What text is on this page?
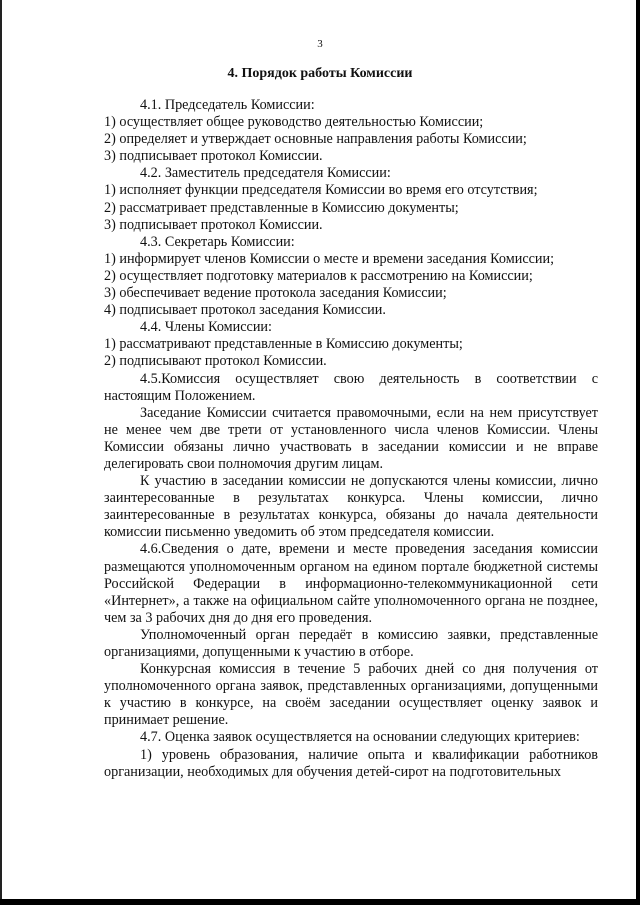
3
4. Порядок работы Комиссии

4.1. Председатель Комиссии:

1) осуществляет общее руководство деятельностью Комиссии;

2) определяет и утверждает основные направления работы Комиссии;

3) подписывает протокол Комиссии.

4.2. Заместитель председателя Комиссии:

1) исполняет функции председателя Комиссии во время его отсутствия;

2) рассматривает представленные в Комиссию документы;

3) подписывает протокол Комиссии.

4.3. Секретарь Комиссии:

1) информирует членов Комиссии о месте и времени заседания Комиссии;

2) осуществляет подготовку материалов к рассмотрению на Комиссии;

3) обеспечивает ведение протокола заседания Комиссии;

4) подписывает протокол заседания Комиссии.

4.4. Члены Комиссии:

1) рассматривают представленные в Комиссию документы;

2) подписывают протокол Комиссии.

4.5.Комиссия осуществляет свою деятельность в соответствии с настоящим Положением.

Заседание Комиссии считается правомочными, если на нем присутствует не менее чем две трети от установленного числа членов Комиссии. Члены Комиссии обязаны лично участвовать в заседании комиссии и не вправе делегировать свои полномочия другим лицам.

К участию в заседании комиссии не допускаются члены комиссии, лично заинтересованные в результатах конкурса. Члены комиссии, лично заинтересованные в результатах конкурса, обязаны до начала деятельности комиссии письменно уведомить об этом председателя комиссии.

4.6.Сведения о дате, времени и месте проведения заседания комиссии размещаются уполномоченным органом на едином портале бюджетной системы Российской Федерации в информационно-телекоммуникационной сети «Интернет», а также на официальном сайте уполномоченного органа не позднее, чем за 3 рабочих дня до дня его проведения.

Уполномоченный орган передаёт в комиссию заявки, представленные организациями, допущенными к участию в отборе.

Конкурсная комиссия в течение 5 рабочих дней со дня получения от уполномоченного органа заявок, представленных организациями, допущенными к участию в конкурсе, на своём заседании осуществляет оценку заявок и принимает решение.

4.7. Оценка заявок осуществляется на основании следующих критериев:

1) уровень образования, наличие опыта и квалификации работников организации, необходимых для обучения детей-сирот на подготовительных
